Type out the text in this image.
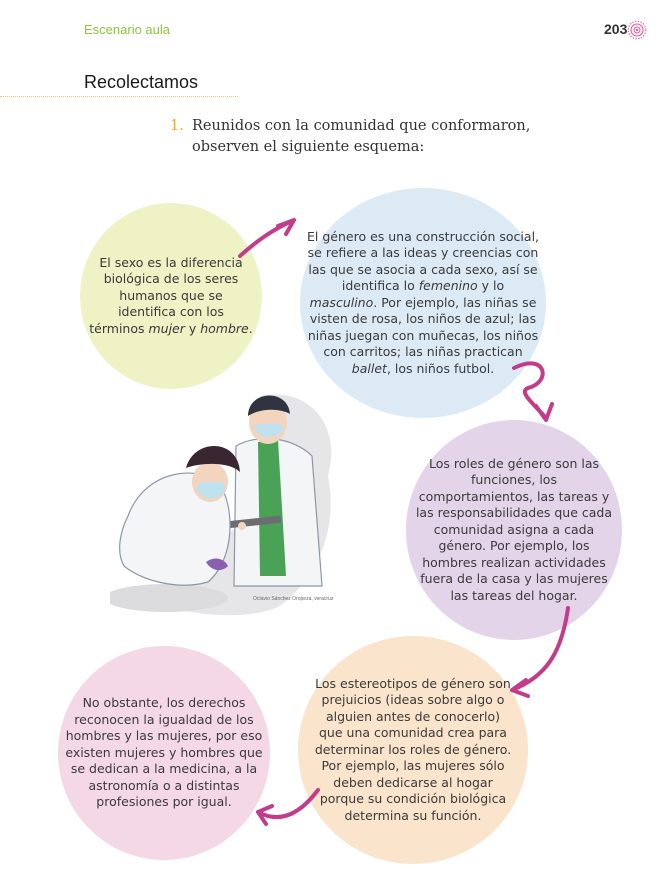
Escenario aula	203
Recolectamos
1. Reunidos con la comunidad que conformaron, observen el siguiente esquema:
El sexo es la diferencia biológica de los seres humanos que se identifica con los términos mujer y hombre.
El género es una construcción social, se refiere a las ideas y creencias con las que se asocia a cada sexo, así se identifica lo femenino y lo masculino. Por ejemplo, las niñas se visten de rosa, los niños de azul; las niñas juegan con muñecas, los niños con carritos; las niñas practican ballet, los niños futbol.
Los roles de género son las funciones, los comportamientos, las tareas y las responsabilidades que cada comunidad asigna a cada género. Por ejemplo, los hombres realizan actividades fuera de la casa y las mujeres las tareas del hogar.
Los estereotipos de género son prejuicios (ideas sobre algo o alguien antes de conocerlo) que una comunidad crea para determinar los roles de género. Por ejemplo, las mujeres sólo deben dedicarse al hogar porque su condición biológica determina su función.
No obstante, los derechos reconocen la igualdad de los hombres y las mujeres, por eso existen mujeres y hombres que se dedican a la medicina, a la astronomía o a distintas profesiones por igual.
Octavio Sánchez Oropeza, veracruz
